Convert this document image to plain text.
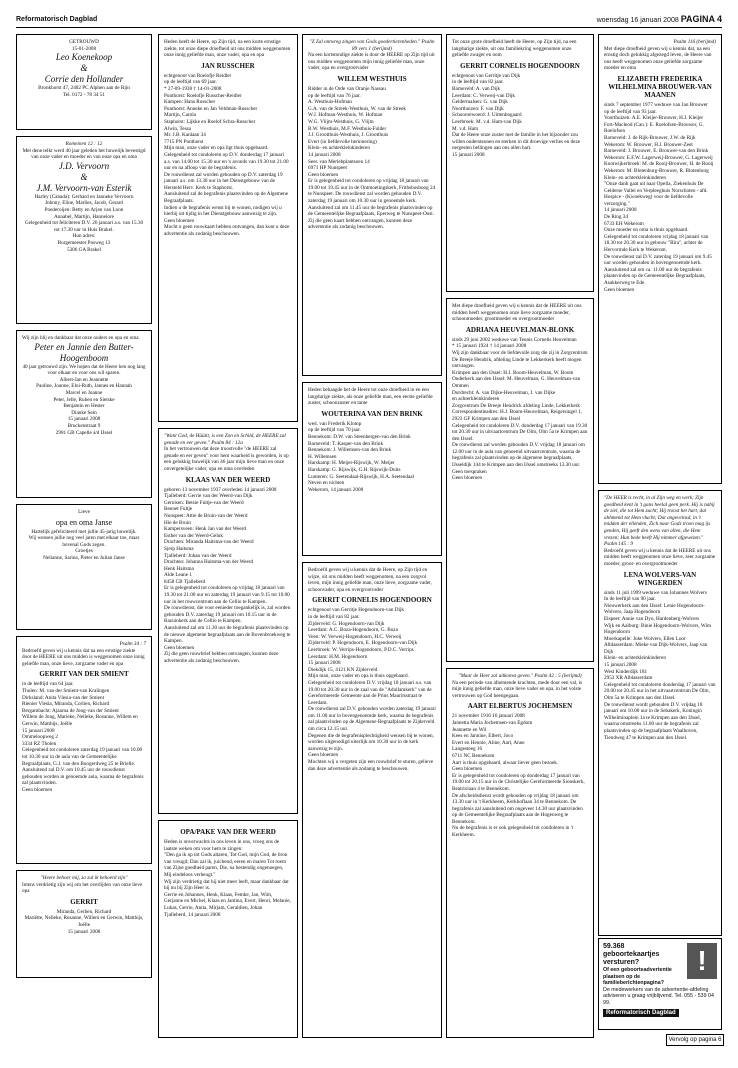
Reformatorisch Dagblad	woensdag 16 januari 2008 PAGINA 4
GETROUWD
15-01-2008
Leo Koenekoop
&
Corrie den Hollander
Bronkhorst 47, 2402 PC Alphen aan de Rijn
Tel. 0172 - 78 34 51
Romeinen 12 : 12
Met dene telkt werd 40 jaar geleden het huwelijk bevestigd van onze vader en moeder en van onze opa en oma
J.D. Vervoorn
&
J.M. Vervoorn-van Esterik
Harley (Canada): Gerhard en Janneke Vervoorn
Johnny, Eline, Marlies, Jacob, Gerard
Poederoijen: Betty en Arjen van Loon
Annabel, Martijn, Hannelore
Gelegenheid tot feliciteren D.V. 26 januari a.s. van 15.30 tot 17.30 uur in Huis Brakel.
Hun adres:
Burgemeester Posweg 13
5306 GA Brakel
Wij zijn blij en dankbaar dat onze ouders en opa en oma
Peter en Jannie den Butter-Hoogenboom
40 jaar getrouwd zijn. We hopen dat de Heere hen nog lang voor elkaar en voor ons wil sparen.
Albert-Jan en Jeannette
Pauline, Joanne, Eloi-Ruth, Jannes en Hannah
Marcel en Joanne
Peter, Jelle, Ruben en Sietske
Benjamin en Hester
Dianke Sein
15 januari 2008
Bruckenstraat 9
2981 GB Capelle a/d IJssel
Lieve
opa en oma Janse
Hartelijk gefeliciteerd met jullie 45-jarig huwelijk.
Wij wensen jullie nog veel jaren met elkaar toe, maar bovenal Gods zegen.
Groetjes
Nelianne, Sarina, Pieter en Julian Janse
Psalm 34 : 7
Bedroefd geven wij u kennis dat na een ernstige ziekte door de HEERE uit ons midden is weggenomen onze innig geliefde man, onze lieve, zorgzame vader en opa
GERRIT VAN DER SMIENT
in de leeftijd van 64 jaar.
Tholen: M. van der Smient-van Kralingen
Dirksland: Anita Vlesia-van der Smient
Rienier Vlesia, Miranda, Corlien, Richard
Bergambacht: Ajaarna de Jong-van der Smient
Willem de Jong, Marieke, Nelleke, Rosanne, Willem en Gerwin, Matthijs, Joëlle
15 januari 2008
Ommeloopweg 2
3334 RZ Tholen
Gelegenheid tot condoleren zaterdag 19 januari van 10.00 tot 10.30 uur in de aula van de Gemeentelijke Begraafplaats, G.J. van den Boogerdweg 25 te Brielle.
Aansluitend zal D.V. om 10.45 uur de rouwdienst gehouden worden in genoemde aula, waarna de begrafenis zal plaatsvinden.
Geen bloemen
"Heere behoer mij, zo zal ik behoerd zijn"
Intens verdrietig zijn wij om het overlijden van onze lieve opa
GERRIT
Miranda, Gerben, Richard
Mariëtte, Nelleke, Rosanne, Willem en Gerwin, Matthijs, Joëlle
15 januari 2008
Heden heeft de Heere, op Zijn tijd, na een korte ernstige ziekte, tot onze diepe droefheid uit ons midden weggenomen onze innig geliefde man, onze vader, opa en opa
JAN RUSSCHER
echtgenoot van Roelofje Reidler
op de leeftijd van 69 jaar.
* 27-09-1938 † 14-01-2008
Punthorst: Roelofje Russcher-Reidler
Kampen: Hans Russcher
Punthorst: Anneke en Jan Veldman-Russcher
Martijn, Carola
Staphorst: Lijkke en Roelof Schra-Russcher
Alwin, Tessa
Mr. J.B. Kanlaan 34
7715 PN Punthorst
Mijn man, onze vader en opa ligt thuis opgebaard.
Gelegenheid tot condoleren op D.V. donderdag 17 januari a.s. van 14.00 tot 15.30 uur en 's avonds van 19.30 tot 21.00 uur en na afloop van de begrafenis.
De rouwdienst zal worden gehouden op D.V. zaterdag 19 januari a.s. om 13.30 uur in het Dienstgebouw van de Hersteld Herv. Kerk te Staphorst.
Aansluitend zal de begrafenis plaatsvinden op de Algemene Begraafplaats.
Indien u de begrafenis wenst bij te wonen, nodigen wij u hierbij uit tijdig in het Dienstgebouw aanwezig te zijn.
Geen bloemen
Mocht u geen rouwkaart hebben ontvangen, dan kunt u deze advertentie als zodanig beschouwen.
"Want God, de Hüütit, is een Zon en Schild, de HEERE zal genade en eer geven." Psalm 84 : 12a
In het vertrouwen dat deze troostvolle "de HEERE zal genade en eer geven" voor hem waarheid is geworden, is op een gelukkig huwelijk van 46 jaar mijn lieve man en onze onvergetelijke vader, opa en oma overleden
KLAAS VAN DER WEERD
geboren 13 november 1937 overleden 14 januari 2008
Tjalleberd: Gerrie van der Weerd-van Dijk
Gerolsen: Betsie Fultje-van der Weerd
Bennet Fultje
Nunspeet: Attie de Bruin-van der Weerd
Hie de Bruin
Kampersveen: Henk Jan van der Weerd
Esther van der Weerd-Geluk
Drachten: Miranda Haitsma-van der Weerd
Sjerp Haitsma
Tjalleberd: Johan van der Weerd
Drachten: Johanna Haitsma-van der Weerd
Henk Haitsma
Alde Leane 1
8458 CB Tjalleberd
Er is gelegenheid tot condoleren op vrijdag 18 januari van 19.30 tot 21.00 uur en zaterdag 19 januari van 9.15 tot 10.00 uur in het rouwcentrum aan de Cellio te Kampen.
De rouwdienst, die voor eenieder toegankelijk is, zal worden gehouden D.V. zaterdag 19 januari om 10.15 uur in de Bazuinkerk aan de Cellio te Kampen.
Aansluitend zal om 11.30 uur de begrafenis plaatsvinden op de nieuwe algemene begraafplaats aan de Bovenbroekweg te Kampen.
Geen bloemen
Zij die geen rouwbrief hebben ontvangen, kunnen deze advertentie als zodanig beschouwen.
OPA/PAKE VAN DER WEERD
Heden is onverwachts in ons leven in ons, vroeg ons de laatste weken om voor hem te zingen:
"Den ga ik op tot Gods altaren, Tot God, mijn God, de bron van vreugd; Dan zal ik, juichend, eeren en maren Tot roem van Zijne goedheid paren, Die, na bestendig ongenoegen, Mij eindeloos verheugt."
Wij zijn verdrietig dat hij niet meer leeft, maar dankbaar dat hij nu bij Zijn Heer is.
Gerrie en Johannes, Henk, Klaas, Femke, Jan, Wim, Gerjanne en Michel, Klaas en Jantina, Evert, Henri, Melanie, Lukas, Gerrie, Anita, Mirjam, Geraldien, Johan
Tjalleberd, 14 januari 2008
"Z Zal ontwreg zingen van Gods goedertierenheden." Psalm 89 vers 1 (berijmd)
Na een kortstondige ziekte is door de HEERE op Zijn tijd uit ons midden weggenomen mijn innig geliefde man, onze vader, opa en overgrootvader
WILLEM WESTHUIS
Ridder in de Orde van Oranje Nassau
op de leeftijd van 76 jaar.
A. Westhuis-Hofman
G.A. van de Streek-Westhuis, W. van de Streek
W.J. Hofman-Westhuis, W. Hofman
W.G. Vlijm-Westhuis, G. Vlijm
B.W. Westhuis, M.F. Westhuis-Fulder
J.J. Grootthuis-Westhuis, J. Grootthuis
Evert (in liefdevolle herinnering)
Klein- en achterkleinkinderen
14 januari 2008
Seer. van Merlebplantsoen 14
6971 HP Nunspeet
Geen bloemen
Er is gelegenheid tot condoleren op vrijdag 18 januari van 19.00 tot 19.45 uur in de Ontmoetingskerk, Frithsbosboog 24 te Nunspeet. De rouwdienst zal worden gehouden D.V. zaterdag 19 januari om 10.30 uur in genoemde kerk.
Aansluitend zal om 11.45 uur de begrafenis plaatsvinden op de Gemeentelijke Begraafplaats, Eperweg te Nunspeet-Oost.
Zij die geen kaart hebben ontvangen, kunnen deze advertentie als zodanig beschouwen.
Heden behaagde het de Heere tot onze droefheid in en een langdurige ziekte, als onze geliefde man, een eerste geliefde zuster, schoonzuster en tante
WOUTERINA VAN DEN BRINK
wed. van Frederik Klomp
op de leeftijd van 70 jaar.
Bennekom: D.W. van Steenbergen-van den Brink
Barneveld: T. Kasper-van den Brink
Bennekom: J. Willemsen-van den Brink
H. Willemsen
Harskamp: H. Meijer-Rijswijk, W. Meijer
Harskamp: G. Rijswijk, G.H. Rijswijk-Duits
Lunteren: G. Seetendaal-Rijswijk, H.A. Seetendaal
Neven en nichten
Wekerom, 14 januari 2008
Bedroefd geven wij u kennis dat de Heere, op Zijn tijd en wijze, uit ons midden heeft weggenomen, na een zorgvol leven, mijn innig geliefde man, onze lieve, zorgzame vader, schoonvader, opa en overgrootvader
GERRIT CORNELIS HOGENDOORN
echtgenoot van Gerritje Hogendoorn-van Dijk
in de leeftijd van 82 jaar.
Zijderveld: G. Hogendoorn-van Dijk
Leerdam: A.C. Boza-Hogendoorn, G. Boza
Veen: W. Verweij-Hogendoorn, H.C. Verweij
Zijderveld: P. Hogendoorn, E. Hogendoorn-van Dijk
Leerbroek: W. Verrips-Hogendoorn, P.D.C. Verrips
Leerdam: H.M. Hogendoorn
15 januari 2008
Diekdijk 15, 4121 KN Zijderveld
Mijn man, onze vader en opa is thuis opgebaard.
Gelegenheid tot condoleren D.V. vrijdag 18 januari a.s. van 19.00 tot 20.30 uur in de zaal van de "Adullamkerk" van de Gereformeerde Gemeente aan de Prins Mauritsstraat te Leerdam.
De rouwdienst zal D.V. gehouden worden zaterdag 19 januari om 11.00 uur in bovengenoemde kerk, waarna de begrafenis zal plaatsvinden op de Algemene Begraafplaats te Zijderveld om circa 12.15 uur.
Degenen die de begrafenisplechtigheid wensen bij te wonen, worden uitgenodigd uiterlijk om 10.30 uur in de kerk aanwezig te zijn.
Geen bloemen
Mochten wij u vergeten zijn een rouwbrief te sturen, gelieve dan deze advertentie als zodanig te beschouwen.
Tot onze grote droefheid heeft de Heere, op Zijn tijd, na een langdurige ziekte, uit ons familiekring weggenomen onze geliefde zwager en oom
GERRIT CORNELIS HOGENDOORN
echtgenoot van Gerritje van Dijk
in de leeftijd van 82 jaar.
Barneveld: A. van Dijk
Leerdam: C. Verweij-van Dijk
Geldermalsen: G. van Dijk
Noorthuizen: F. van Dijk
Schoonrewoerd: J. Uittenbogaard
Leerbroek: M. v.d. Ham-van Dijk
M. v.d. Ham
Dat de Heere onze zuster met de familie in het bijzonder zou willen ondersteunen en sterken in dit droevige verlies en deze nergesten hellingen aan ons allen hart.
15 januari 2008
Met diepe droefheid geven wij u kennis dat de HEERE uit ons midden heeft weggenomen onze lieve zorgzame moeder, schoonmoeder, grootmoeder en overgrootmoeder
ADRIANA HEUVELMAN-BLONK
sinds 29 juni 2002 weduwe van Teunis Cornelis Heuvelman
* 15 januari 1924 † 14 januari 2008
Wij zijn dankbaar voor de liefdevolle zorg die zij in Zorgcentrum De Breeje Hendrik, afdeling Linde te Lekkerkerk heeft mogen ontvangen.
Krimpen aan den IJssel: H.J. Boom-Heuvelman, W. Boom
Ouderkerk aan den IJssel: M. Heuvelman, G. Heuvelman-van Ommen
Dordrecht: A. van Dijke-Heuvelman, J. van Dijke
en achterkleinkinderen
Zorgcentrum De Breeje Hendrick afdeling Linde, Lekkerkerk
Correspondentieadres: H.J. Boom-Heuvelman, Reigersingel 1, 2923 GF Krimpen aan den IJssel
Gelegenheid tot condoleren D.V. donderdag 17 januari van 19.30 tot 20.30 uur in uitvaartcentrum De Olm, Olm 5a te Krimpen aan den IJssel.
De rouwdienst zal worden gehouden D.V. vrijdag 18 januari om 12.00 uur in de aula van genoemd uitvaartcentrum, waarna de begrafenis zal plaatsvinden op de algemene begraafplaats, IJsseldijk 144 te Krimpen aan den IJssel omstreeks 13.30 uur.
Geen toespraken
Geen bloemen
"Maar de Heer zal uitkomst geven." Psalm 42 : 5 (berijmd)
Na een periode van afnemende krachten, mede door een val, is mijn innig geliefde man, onze lieve vader en opa, in het volste vertrouwen op God heengegaan.
AART ELBERTUS JOCHEMSEN
21 november 1916 16 januari 2008
Jannetta Maria Jochemsen-van Egdom
Jeannette en Wil
Kees en Jannine, Elbert, Joco
Evert en Hennie, Aline, Aart, Anne
Langesteeg 16
6711 NC Bennekom
Aart is thuis opgebaard, alwaar liever geen bezoek.
Geen bloemen
Er is gelegenheid tot condoleren op donderdag 17 januari van 19.00 tot 20.15 uur in de Christelijke Gereformeerde Sionskerk, Beatrixlaan 4 te Bennekom.
De afscheidsdienst wordt gehouden op vrijdag 18 januari om 13.30 uur in 't Kerkheem, Kerkhoflaan 34 te Bennekom. De begrafenis zal aansluitend om ongeveer 14.30 uur plaatsvinden op de Gemeentelijke Begraafplaats aan de Hogenweg te Bennekom.
Nu de begrafenis is er ook gelegenheid tot condoleren in 't Kerkheem.
Psalm 116 (berijmd)
Met diepe droefheid geven wij u kennis dat, na een ernstig doch gelukkig afgezegd leven, de Heere van ons heeft weggenomen onze geliefde zorgzame moeder en oma
ELIZABETH FREDERIKA WILHELMINA BROUWER-VAN MAANEN
sinds 7 september 1977 weduwe van Jan Brouwer
op de leeftijd van 93 jaar.
Voorthuizen: A.E. Kleijer-Brouwer, H.J. Kleijer
Fort-Macleod (Can.): E. Roelofsen-Brouwer, G. Roelofsen
Barneveld: J. de Rijk-Brouwer, J.W. de Rijk
Wekerom: W. Brouwer, H.J. Brouwer-Zeet
Barneveld: J. Brouwer, E. Brouwer-van den Brink
Wekerom: E.F.W. Lagerweij-Brouwer, G. Lagerweij
Kootwijkerbroek: M. de Rooij-Brouwer, H. de Rooij
Wekerom: M. Blotenburg-Brouwer, R. Blotenburg
Klein- en achterkleinkinderen
"Onze dank gaat uit naar Opella, Ziekenhuis De Gelderse Vallei en Verpleeghuis Norschoten - afd. Hospice - (Kwoekweg) voor de liefdevolle verzorging."
14 januari 2008
De Ring 34
6733 EH Wekerom
Onze moeder en oma is thuis opgebaard.
Gelegenheid tot condoleren vrijdag 18 januari van 18.30 tot 20.30 uur in gebouw "Rîra", achter de Hervormde Kerk te Wekerom.
De rouwdienst zal D.V. zaterdag 19 januari om 9.45 uur worden gehouden in bovengenoemde kerk. Aansluitend zal om ca. 11.00 uur de begrafenis plaatsvinden op de Gemeentelijke Begraafplaats, Asakkerweg te Ede.
Geen bloemen
"De HEER is recht, in al Zijn weg en werk; Zijn goedheid kent in 't gans heelal geen perk. Hij is nabij de ziel, die tot Hem zucht; Hij troost het hart, dat ahhmend tot Hem vlucht; Dat ongeveinsd, in 't midden der ellenden, Zich naar Gods troon mag ijs genden, Hij geeft den wens van allen, die Hem vrezen; Hun bede heeft Hij nimmer afgewezen." Psalm 145 : 9
Bedroefd geven wij u kennis dat de HEERE uit ons midden heeft weggenomen onze lieve, zeer zorgzame moeder, groot- en overgrootmoeder
LENA WOLVERS-VAN WINGERDEN
sinds 11 juli 1999 weduwe van Johannes Wolvers
In de leeftijd van 90 jaar.
Nieuwerkerk aan den IJssel: Lenie Hogendoorn-Wolvers, Jaap Hogendoorn
Elspeet: Annie van Dyo, Hardenberg-Wolvers
Wijk en Aalburg: Binie Hogendoorn-Wolvers, Wim Hogendoorn
Moerkapelle: Joke Wolvers, Ellen Loor
Alblasserdam: Mieke van Dijk-Wolvers, Jaap van Dijk
Klein- en achterkleinkinderen
15 januari 2008
West Kinderdijk 181
2953 XR Alblasserdam
Gelegenheid tot condoleren donderdag 17 januari van 20.00 tot 20.45 uur in het uitvaartcentrum De Olm, Olm 5a te Krimpen aan den IJssel.
De rouwdienst wordt gehouden D.V. vrijdag 18 januari om 10.00 uur in de Sebakerk, Koningin Wilhelminaplein 1a te Krimpen aan den IJssel, waarna omstreeks 11.00 uur de begrafenis zal plaatsvinden op de begraafplaats Waalhoven, Tiendweg 47 te Krimpen aan den IJssel.
!
59.368 geboortekaartjes versturen?
Of een geboorteadvertentie plaatsen op de familieberichtenpagina?
De medewerkers van de advertentie-afdeling adviseren u graag vrijblijvend. Tel. 055 - 539 04 99.
Reformatorisch Dagblad
Vervolg op pagina 6
